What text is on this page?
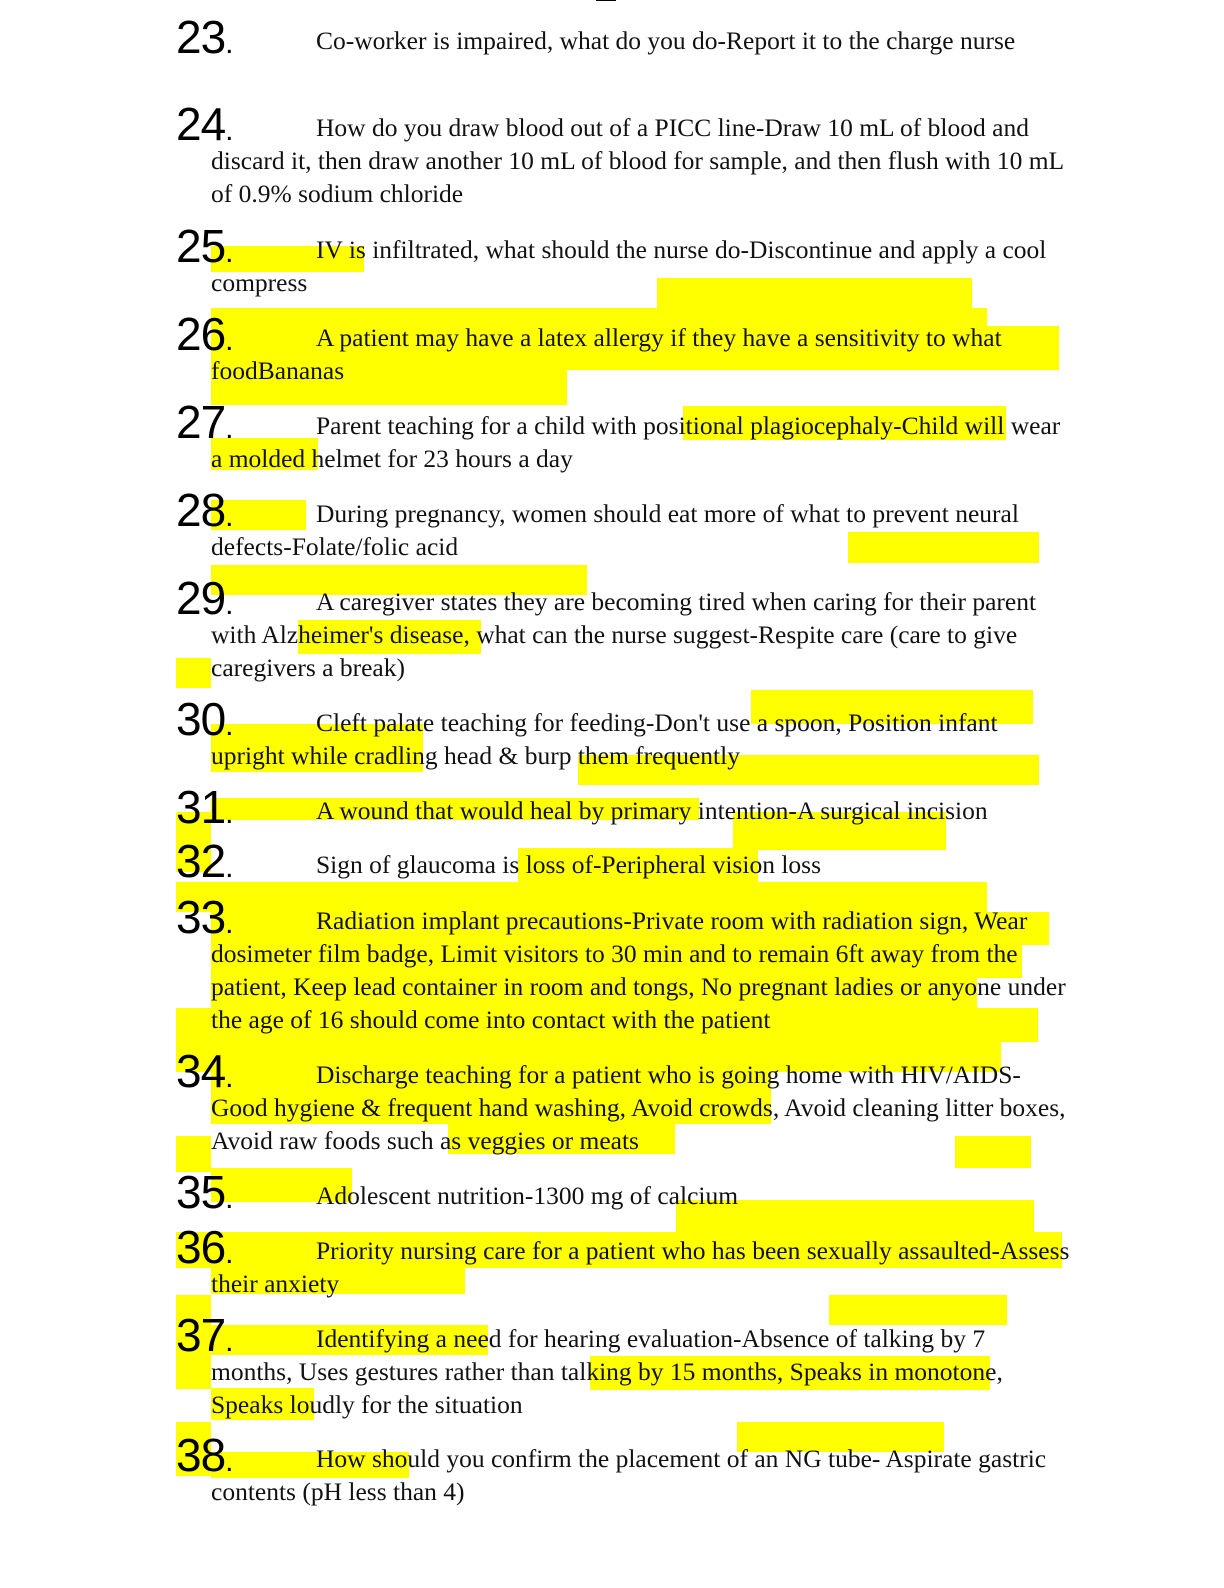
23.	Co-worker is impaired, what do you do-Report it to the charge nurse

24.	How do you draw blood out of a PICC line-Draw 10 mL of blood and discard it, then draw another 10 mL of blood for sample, and then flush with 10 mL of 0.9% sodium chloride

25.	IV is infiltrated, what should the nurse do-Discontinue and apply a cool compress

26.	A patient may have a latex allergy if they have a sensitivity to what foodBananas

27.	Parent teaching for a child with positional plagiocephaly-Child will wear a molded helmet for 23 hours a day

28.	During pregnancy, women should eat more of what to prevent neural defects-Folate/folic acid

29.	A caregiver states they are becoming tired when caring for their parent with Alzheimer's disease, what can the nurse suggest-Respite care (care to give caregivers a break)

30.	Cleft palate teaching for feeding-Don't use a spoon, Position infant upright while cradling head & burp them frequently

31.	A wound that would heal by primary intention-A surgical incision

32.	Sign of glaucoma is loss of-Peripheral vision loss

33.	Radiation implant precautions-Private room with radiation sign, Wear dosimeter film badge, Limit visitors to 30 min and to remain 6ft away from the patient, Keep lead container in room and tongs, No pregnant ladies or anyone under the age of 16 should come into contact with the patient

34.	Discharge teaching for a patient who is going home with HIV/AIDS-Good hygiene & frequent hand washing, Avoid crowds, Avoid cleaning litter boxes, Avoid raw foods such as veggies or meats

35.	Adolescent nutrition-1300 mg of calcium

36.	Priority nursing care for a patient who has been sexually assaulted-Assess their anxiety

37.	Identifying a need for hearing evaluation-Absence of talking by 7 months, Uses gestures rather than talking by 15 months, Speaks in monotone, Speaks loudly for the situation

38.	How should you confirm the placement of an NG tube- Aspirate gastric contents (pH less than 4)
